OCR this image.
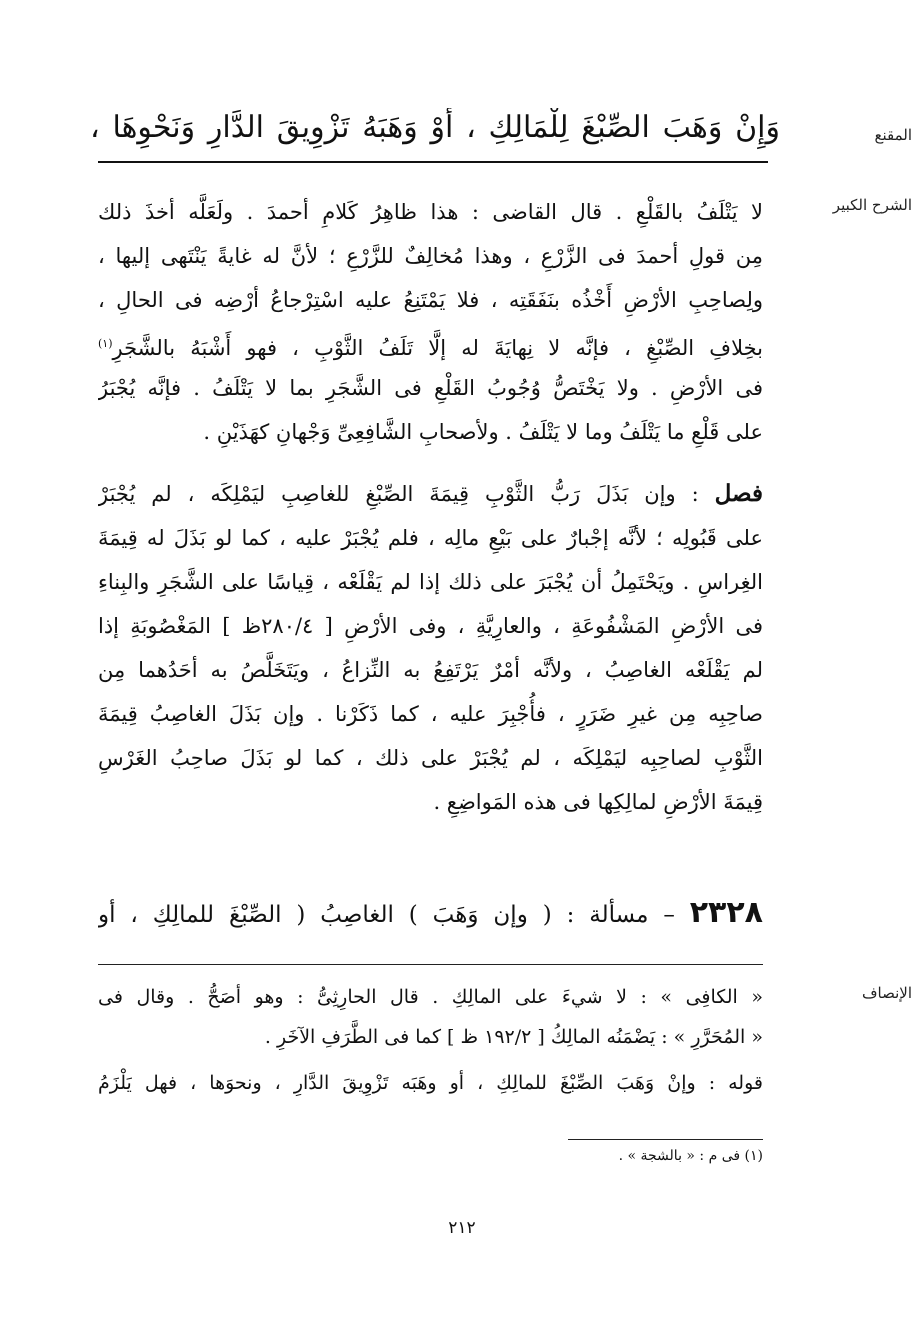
المقنع
الشرح الكبير
الإنصاف
وَإِنْ وَهَبَ الصِّبْغَ لِلْمَالِكِ ، أَوْ وَهَبَهُ تَزْوِيقَ الدَّارِ وَنَحْوِهَا ،
لا يَتْلَفُ بالقَلْعِ . قال القاضى : هذا ظاهِرُ كَلامِ أحمدَ . ولَعَلَّه أخذَ ذلك
مِن قولِ أحمدَ فى الزَّرْعِ ، وهذا مُخالِفٌ للزَّرْعِ ؛ لأنَّ له غايةً يَنْتَهى إليها ،
ولِصاحِبِ الأرْضِ أَخْذُه بنَفَقَتِه ، فلا يَمْتَنِعُ عليه اسْتِرْجاعُ أرْضِه فى الحالِ ،
بخِلافِ الصِّبْغِ ، فإنَّه لا نِهايَةَ له إلَّا تَلَفُ الثَّوْبِ ، فهو أَشْبَهُ بالشَّجَرِ$^{(١)}$
فى الأرْضِ . ولا يَخْتَصُّ وُجُوبُ القَلْعِ فى الشَّجَرِ بما لا يَتْلَفُ . فإنَّه يُجْبَرُ
على قَلْعِ ما يَتْلَفُ وما لا يَتْلَفُ . ولأصحابِ الشَّافِعِىِّ وَجْهانِ كهَذَيْنِ .
فصل : وإن بَذَلَ رَبُّ الثَّوْبِ قِيمَةَ الصِّبْغِ للغاصِبِ ليَمْلِكَه ، لم يُجْبَرْ
على قَبُولِه ؛ لأنَّه إجْبارٌ على بَيْعِ مالِه ، فلم يُجْبَرْ عليه ، كما لو بَذَلَ له قِيمَةَ
الغِراسِ . ويَحْتَمِلُ أن يُجْبَرَ على ذلك إذا لم يَقْلَعْه ، قِياسًا على الشَّجَرِ والبِناءِ
فى الأرْضِ المَشْفُوعَةِ ، والعارِيَّةِ ، وفى الأرْضِ [ ٢٨٠/٤ظ ] المَغْصُوبَةِ إذا
لم يَقْلَعْه الغاصِبُ ، ولأنَّه أمْرٌ يَرْتَفِعُ به النِّزاعُ ، ويَتَخَلَّصُ به أحَدُهما مِن
صاحِبِه مِن غيرِ ضَرَرٍ ، فأُجْبِرَ عليه ، كما ذَكَرْنا . وإن بَذَلَ الغاصِبُ قِيمَةَ
الثَّوْبِ لصاحِبِه ليَمْلِكَه ، لم يُجْبَرْ على ذلك ، كما لو بَذَلَ صاحِبُ الغَرْسِ
قِيمَةَ الأرْضِ لمالِكِها فى هذه المَواضِعِ .
٢٣٢٨ – مسألة : ( وإن وَهَبَ ) الغاصِبُ ( الصِّبْغَ للمالِكِ ، أو
« الكافِى » : لا شيءَ على المالِكِ . قال الحارِثِىُّ : وهو أصَحُّ . وقال فى
« المُحَرَّرِ » : يَضْمَنُه المالِكُ [ ١٩٢/٢ ظ ] كما فى الطَّرَفِ الآخَرِ .
قوله : وإنْ وَهَبَ الصِّبْغَ للمالِكِ ، أو وهَبَه تَزْوِيقَ الدَّارِ ، ونحوَها ، فهل يَلْزَمُ
(١) فى م : « بالشجة » .
٢١٢
